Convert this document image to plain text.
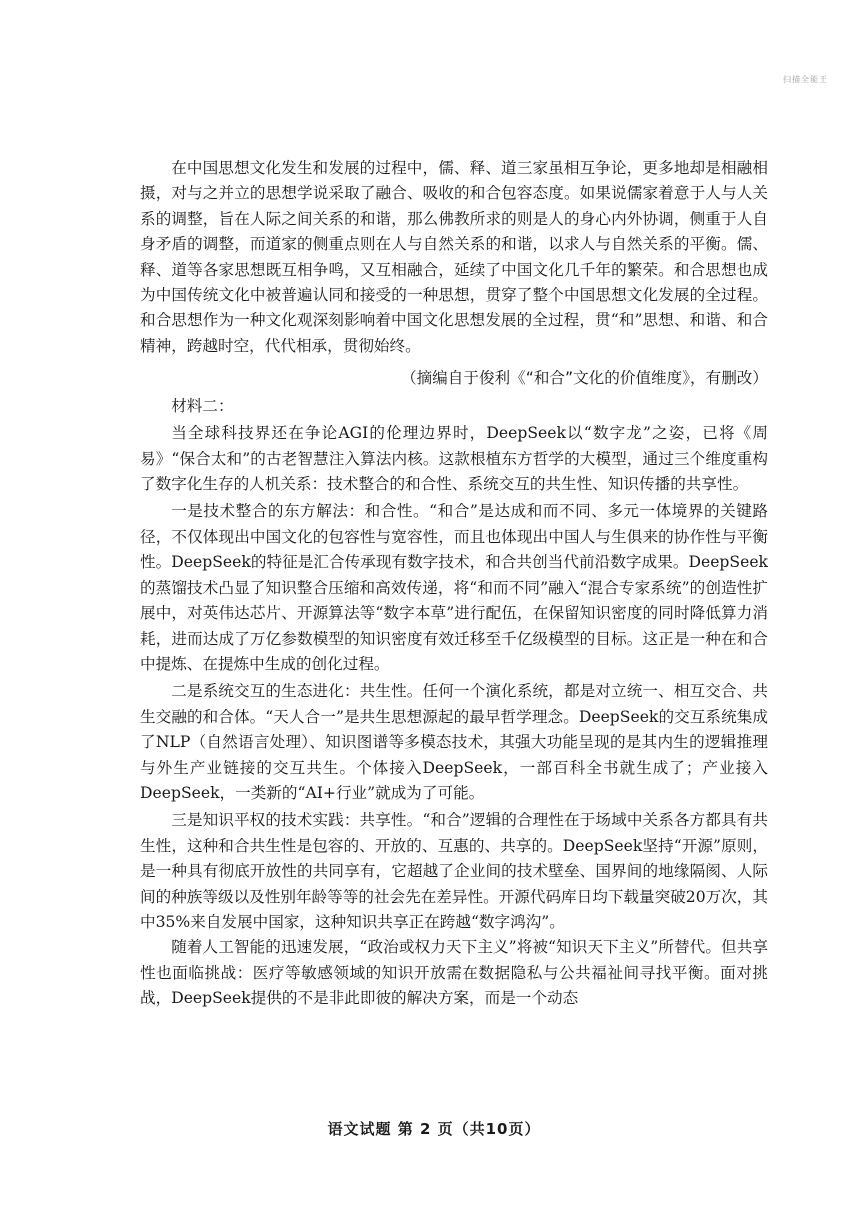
扫描全能王

在中国思想文化发生和发展的过程中，儒、释、道三家虽相互争论，更多地却是相融相摄，对与之并立的思想学说采取了融合、吸收的和合包容态度。如果说儒家着意于人与人关系的调整，旨在人际之间关系的和谐，那么佛教所求的则是人的身心内外协调，侧重于人自身矛盾的调整，而道家的侧重点则在人与自然关系的和谐，以求人与自然关系的平衡。儒、释、道等各家思想既互相争鸣，又互相融合，延续了中国文化几千年的繁荣。和合思想也成为中国传统文化中被普遍认同和接受的一种思想，贯穿了整个中国思想文化发展的全过程。和合思想作为一种文化观深刻影响着中国文化思想发展的全过程，贯“和”思想、和谐、和合精神，跨越时空，代代相承，贯彻始终。

（摘编自于俊利《“和合”文化的价值维度》，有删改）

材料二：

当全球科技界还在争论AGI的伦理边界时，DeepSeek以“数字龙”之姿，已将《周易》“保合太和”的古老智慧注入算法内核。这款根植东方哲学的大模型，通过三个维度重构了数字化生存的人机关系：技术整合的和合性、系统交互的共生性、知识传播的共享性。

一是技术整合的东方解法：和合性。“和合”是达成和而不同、多元一体境界的关键路径，不仅体现出中国文化的包容性与宽容性，而且也体现出中国人与生俱来的协作性与平衡性。DeepSeek的特征是汇合传承现有数字技术，和合共创当代前沿数字成果。DeepSeek的蒸馏技术凸显了知识整合压缩和高效传递，将“和而不同”融入“混合专家系统”的创造性扩展中，对英伟达芯片、开源算法等“数字本草”进行配伍，在保留知识密度的同时降低算力消耗，进而达成了万亿参数模型的知识密度有效迁移至千亿级模型的目标。这正是一种在和合中提炼、在提炼中生成的创化过程。

二是系统交互的生态进化：共生性。任何一个演化系统，都是对立统一、相互交合、共生交融的和合体。“天人合一”是共生思想源起的最早哲学理念。DeepSeek的交互系统集成了NLP（自然语言处理）、知识图谱等多模态技术，其强大功能呈现的是其内生的逻辑推理与外生产业链接的交互共生。个体接入DeepSeek，一部百科全书就生成了；产业接入DeepSeek，一类新的“AI+行业”就成为了可能。

三是知识平权的技术实践：共享性。“和合”逻辑的合理性在于场域中关系各方都具有共生性，这种和合共生性是包容的、开放的、互惠的、共享的。DeepSeek坚持“开源”原则，是一种具有彻底开放性的共同享有，它超越了企业间的技术壁垒、国界间的地缘隔阂、人际间的种族等级以及性别年龄等等的社会先在差异性。开源代码库日均下载量突破20万次，其中35%来自发展中国家，这种知识共享正在跨越“数字鸿沟”。

随着人工智能的迅速发展，“政治或权力天下主义”将被“知识天下主义”所替代。但共享性也面临挑战：医疗等敏感领域的知识开放需在数据隐私与公共福祉间寻找平衡。面对挑战，DeepSeek提供的不是非此即彼的解决方案，而是一个动态

语文试题 第 2 页（共10页）
